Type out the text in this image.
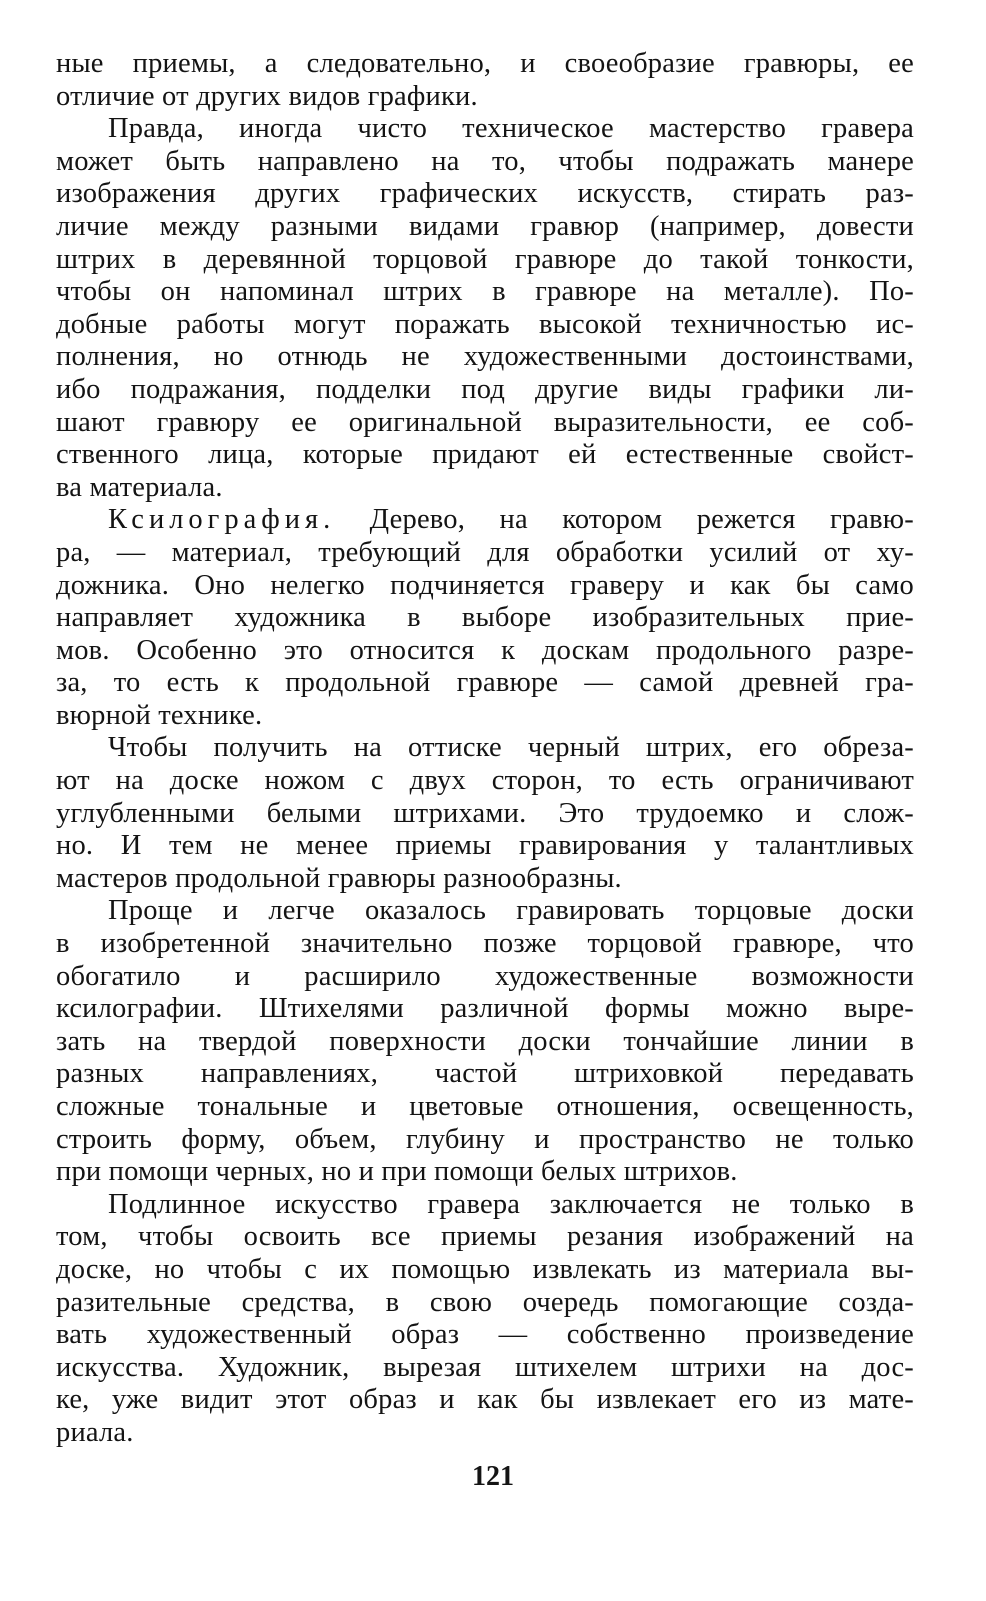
ные приемы, а следовательно, и своеобразие гравюры, ее
отличие от других видов графики.
Правда, иногда чисто техническое мастерство гравера
может быть направлено на то, чтобы подражать манере
изображения других графических искусств, стирать раз-
личие между разными видами гравюр (например, довести
штрих в деревянной торцовой гравюре до такой тонкости,
чтобы он напоминал штрих в гравюре на металле). По-
добные работы могут поражать высокой техничностью ис-
полнения, но отнюдь не художественными достоинствами,
ибо подражания, подделки под другие виды графики ли-
шают гравюру ее оригинальной выразительности, ее соб-
ственного лица, которые придают ей естественные свойст-
ва материала.
Ксилография. Дерево, на котором режется гравю-
ра, — материал, требующий для обработки усилий от ху-
дожника. Оно нелегко подчиняется граверу и как бы само
направляет художника в выборе изобразительных прие-
мов. Особенно это относится к доскам продольного разре-
за, то есть к продольной гравюре — самой древней гра-
вюрной технике.
Чтобы получить на оттиске черный штрих, его обреза-
ют на доске ножом с двух сторон, то есть ограничивают
углубленными белыми штрихами. Это трудоемко и слож-
но. И тем не менее приемы гравирования у талантливых
мастеров продольной гравюры разнообразны.
Проще и легче оказалось гравировать торцовые доски
в изобретенной значительно позже торцовой гравюре, что
обогатило и расширило художественные возможности
ксилографии. Штихелями различной формы можно выре-
зать на твердой поверхности доски тончайшие линии в
разных направлениях, частой штриховкой передавать
сложные тональные и цветовые отношения, освещенность,
строить форму, объем, глубину и пространство не только
при помощи черных, но и при помощи белых штрихов.
Подлинное искусство гравера заключается не только в
том, чтобы освоить все приемы резания изображений на
доске, но чтобы с их помощью извлекать из материала вы-
разительные средства, в свою очередь помогающие созда-
вать художественный образ — собственно произведение
искусства. Художник, вырезая штихелем штрихи на дос-
ке, уже видит этот образ и как бы извлекает его из мате-
риала.
121
